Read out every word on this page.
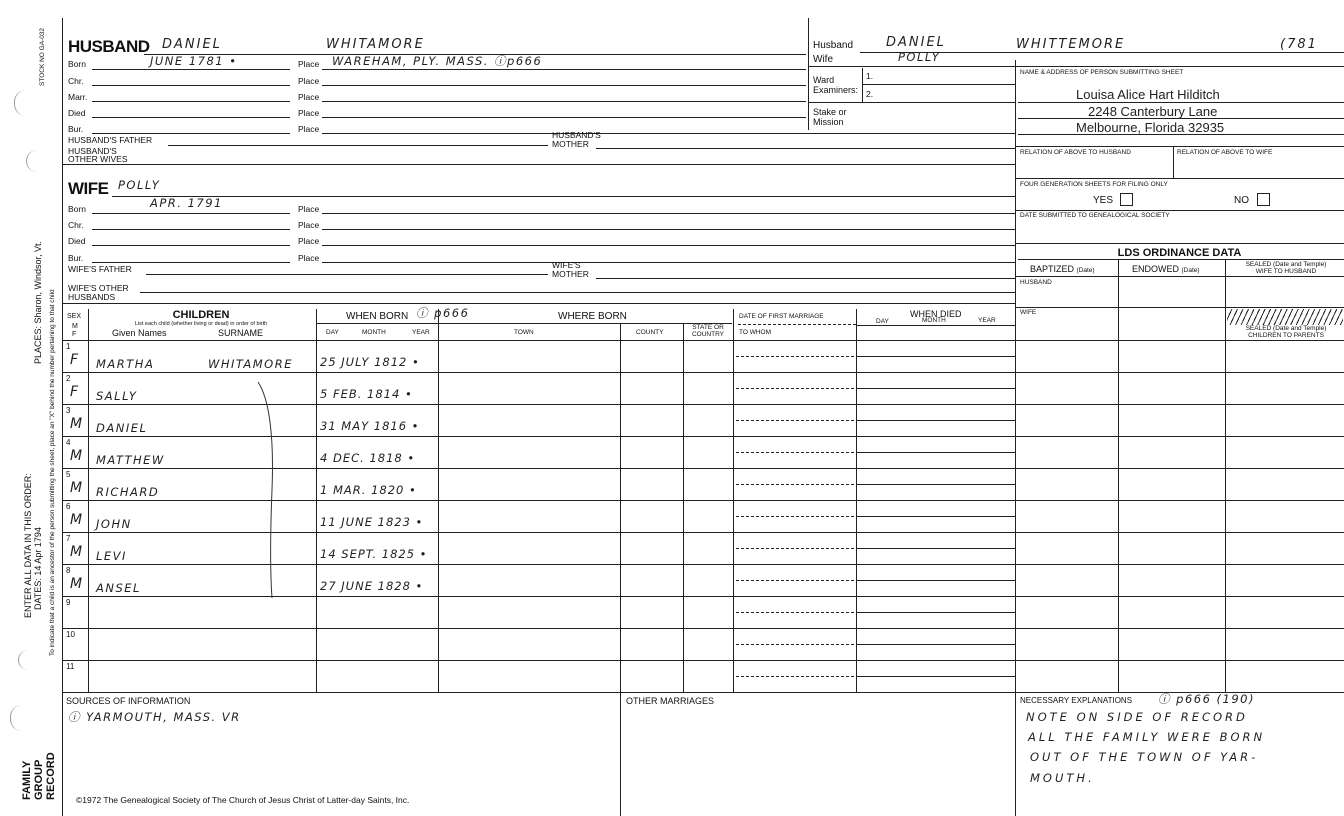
STOCK NO GA-032
To indicate that a child is an ancestor of the person submitting the sheet, place an "X" behind the number pertaining to that child
PLACES: Sharon, Windsor, Vt.
ENTER ALL DATA IN THIS ORDER: DATES: 14 Apr 1794
FAMILY GROUP RECORD
HUSBAND DANIEL	WHITAMORE
Born	JUNE 1781 •	Place WAREHAM, PLY. MASS. ⓘp666
Chr.	Place
Marr.	Place
Died	Place
Bur.	Place
HUSBAND'S FATHER	HUSBAND'S
MOTHER
HUSBAND'S
OTHER WIVES
WIFE POLLY
Born	APR. 1791	Place
Chr.	Place
Died	Place
Bur.	Place
WIFE'S FATHER	WIFE'S
MOTHER
WIFE'S OTHER
HUSBANDS
Husband	DANIEL	WHITTEMORE	(781
Wife	POLLY
Ward	1.
Examiners: 2.
Stake or
Mission
NAME & ADDRESS OF PERSON SUBMITTING SHEET
Louisa Alice Hart Hilditch
2248 Canterbury Lane
Melbourne, Florida 32935
RELATION OF ABOVE TO HUSBAND	RELATION OF ABOVE TO WIFE
FOUR GENERATION SHEETS FOR FILING ONLY
YES	NO
DATE SUBMITTED TO GENEALOGICAL SOCIETY
LDS ORDINANCE DATA
BAPTIZED (Date)	ENDOWED (Date)
SEALED (Date and Temple)
WIFE TO HUSBAND
HUSBAND
WIFE
SEALED (Date and Temple)
CHILDREN TO PARENTS
SEX
M
F
CHILDREN
List each child (whether living or dead) in order of birth
Given Names	SURNAME
WHEN BORN ⓘ p666
DAY	MONTH	YEAR
WHERE BORN
TOWN	COUNTY
STATE OR
COUNTRY
DATE OF FIRST MARRIAGE
TO WHOM
WHEN DIED
DAY	MONTH	YEAR
1
F MARTHA	WHITAMORE 25 JULY 1812 •
2
F SALLY	5 FEB. 1814 •
3
M DANIEL	31 MAY 1816 •
4
M MATTHEW	4 DEC. 1818 •
5
M RICHARD	1 MAR. 1820 •
6
M JOHN	11 JUNE 1823 •
7
M LEVI	14 SEPT. 1825 •
8
M ANSEL	27 JUNE 1828 •
9
10
11
SOURCES OF INFORMATION
ⓘ YARMOUTH, MASS. VR
OTHER MARRIAGES	NECESSARY EXPLANATIONS ⓘ p666 (190)
NOTE ON SIDE OF RECORD
ALL THE FAMILY WERE BORN
OUT OF THE TOWN OF YAR-
MOUTH.
©1972 The Genealogical Society of The Church of Jesus Christ of Latter-day Saints, Inc.
